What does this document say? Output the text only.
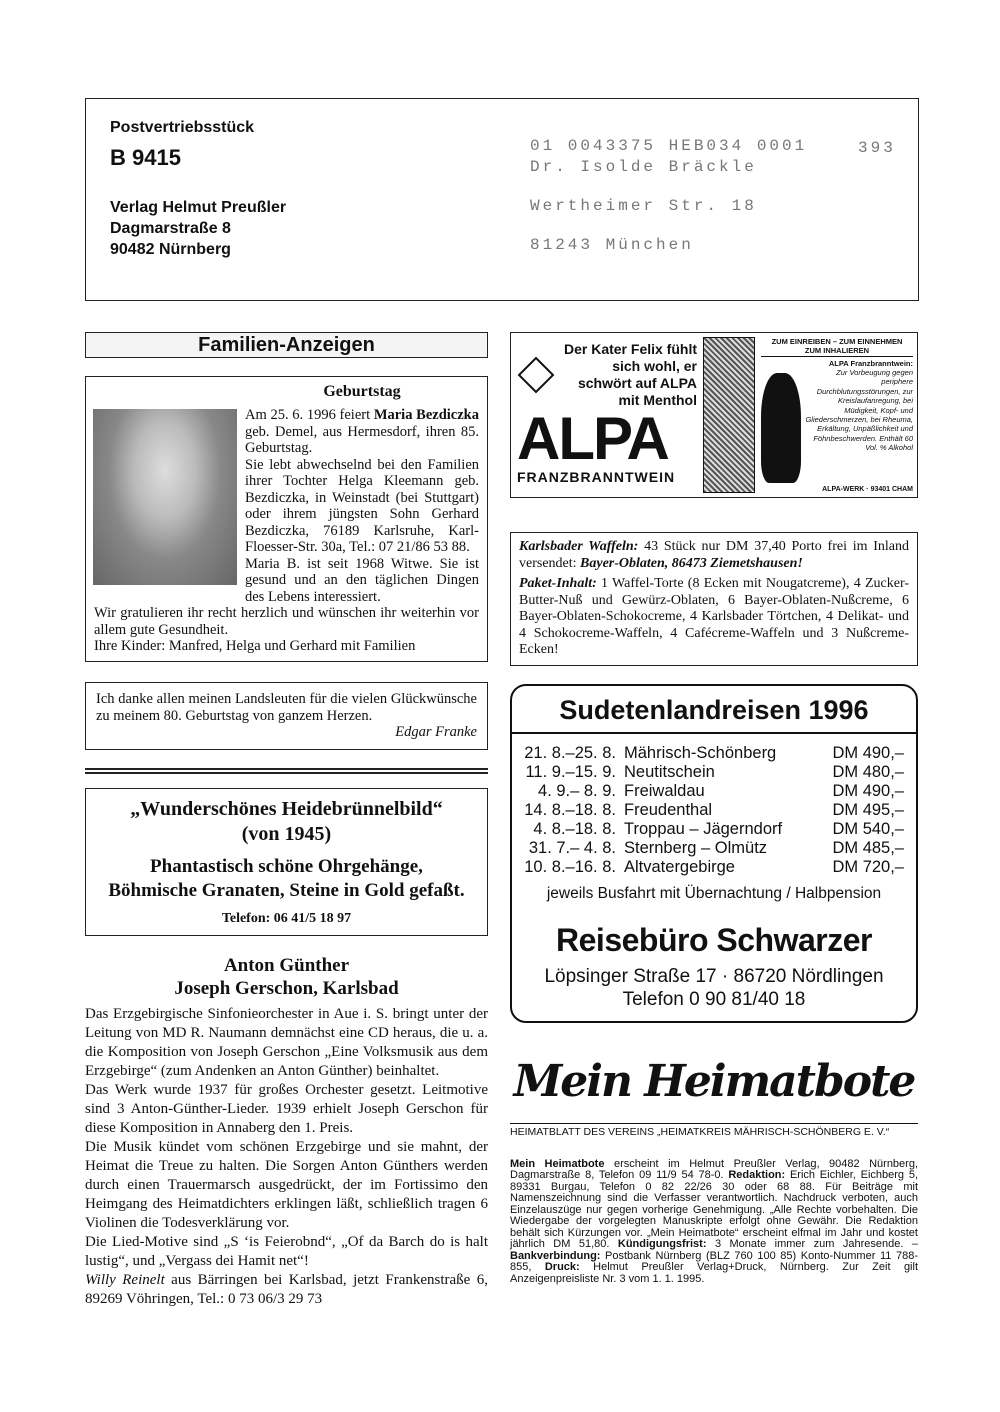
Postvertriebsstück
B 9415
Verlag Helmut Preußler
Dagmarstraße 8
90482 Nürnberg
01 0043375 HEB034 0001	393
Dr. Isolde Bräckle
Wertheimer Str. 18
81243 München
Familien-Anzeigen
Geburtstag

Am 25. 6. 1996 feiert Maria Bezdiczka geb. Demel, aus Hermesdorf, ihren 85. Geburtstag.

Sie lebt abwechselnd bei den Familien ihrer Tochter Helga Kleemann geb. Bezdiczka, in Weinstadt (bei Stuttgart) oder ihrem jüngsten Sohn Gerhard Bezdiczka, 76189 Karlsruhe, Karl-Floesser-Str. 30a, Tel.: 07 21/86 53 88.

Maria B. ist seit 1968 Witwe. Sie ist gesund und an den täglichen Dingen des Lebens interessiert.

Wir gratulieren ihr recht herzlich und wünschen ihr weiterhin vor allem gute Gesundheit.

Ihre Kinder: Manfred, Helga und Gerhard mit Familien

Ich danke allen meinen Landsleuten für die vielen Glückwünsche zu meinem 80. Geburtstag von ganzem Herzen.

Edgar Franke

„Wunderschönes Heidebrünnelbild“
(von 1945)
Phantastisch schöne Ohrgehänge,
Böhmische Granaten, Steine in Gold gefaßt.
Telefon: 06 41/5 18 97
Anton Günther
Joseph Gerschon, Karlsbad

Das Erzgebirgische Sinfonieorchester in Aue i. S. bringt unter der Leitung von MD R. Naumann demnächst eine CD heraus, die u. a. die Komposition von Joseph Gerschon „Eine Volksmusik aus dem Erzgebirge“ (zum Andenken an Anton Günther) beinhaltet.

Das Werk wurde 1937 für großes Orchester gesetzt. Leitmotive sind 3 Anton-Günther-Lieder. 1939 erhielt Joseph Gerschon für diese Komposition in Annaberg den 1. Preis.

Die Musik kündet vom schönen Erzgebirge und sie mahnt, der Heimat die Treue zu halten. Die Sorgen Anton Günthers werden durch einen Trauermarsch ausgedrückt, der im Fortissimo den Heimgang des Heimatdichters erklingen läßt, schließlich tragen 6 Violinen die Todesverklärung vor.

Die Lied-Motive sind „S ‘is Feierobnd“, „Of da Barch do is halt lustig“, und „Vergass dei Hamit net“!

Willy Reinelt aus Bärringen bei Karlsbad, jetzt Frankenstraße 6, 89269 Vöhringen, Tel.: 0 73 06/3 29 73

Der Kater Felix fühlt sich wohl, er schwört auf ALPA mit Menthol
ALPA
FRANZBRANNTWEIN
ZUM EINREIBEN – ZUM EINNEHMEN
ZUM INHALIEREN
ALPA Franzbranntwein:
Zur Vorbeugung gegen periphere Durchblutungsstörungen, zur Kreislaufanregung, bei Müdigkeit, Kopf- und Gliederschmerzen, bei Rheuma, Erkältung, Unpäßlichkeit und Föhnbeschwerden. Enthält 60 Vol. % Alkohol
ALPA-WERK · 93401 CHAM

Karlsbader Waffeln: 43 Stück nur DM 37,40 Porto frei im Inland versendet: Bayer-Oblaten, 86473 Ziemetshausen!

Paket-Inhalt: 1 Waffel-Torte (8 Ecken mit Nougatcreme), 4 Zucker-Butter-Nuß und Gewürz-Oblaten, 6 Bayer-Oblaten-Nußcreme, 6 Bayer-Oblaten-Schokocreme, 4 Karlsbader Törtchen, 4 Delikat- und 4 Schokocreme-Waffeln, 4 Cafécreme-Waffeln und 3 Nußcreme-Ecken!

Sudetenlandreisen 1996
21. 8.–25. 8. Mährisch-Schönberg	DM 490,–
11. 9.–15. 9. Neutitschein	DM 480,–
4. 9.– 8. 9. Freiwaldau	DM 490,–
14. 8.–18. 8. Freudenthal	DM 495,–
4. 8.–18. 8. Troppau – Jägerndorf	DM 540,–
31. 7.– 4. 8. Sternberg – Olmütz	DM 485,–
10. 8.–16. 8. Altvatergebirge	DM 720,–
jeweils Busfahrt mit Übernachtung / Halbpension
Reisebüro Schwarzer
Löpsinger Straße 17 · 86720 Nördlingen
Telefon 0 90 81/40 18
Mein Heimatbote
HEIMATBLATT DES VEREINS „HEIMATKREIS MÄHRISCH-SCHÖNBERG E. V.“
Mein Heimatbote erscheint im Helmut Preußler Verlag, 90482 Nürnberg, Dagmarstraße 8, Telefon 09 11/9 54 78-0. Redaktion: Erich Eichler, Eichberg 5, 89331 Burgau, Telefon 0 82 22/26 30 oder 68 88. Für Beiträge mit Namenszeichnung sind die Verfasser verantwortlich. Nachdruck verboten, auch Einzelauszüge nur gegen vorherige Genehmigung. „Alle Rechte vorbehalten. Die Wiedergabe der vorgelegten Manuskripte erfolgt ohne Gewähr. Die Redaktion behält sich Kürzungen vor. „Mein Heimatbote“ erscheint elfmal im Jahr und kostet jährlich DM 51,80. Kündigungsfrist: 3 Monate immer zum Jahresende. – Bankverbindung: Postbank Nürnberg (BLZ 760 100 85) Konto-Nummer 11 788-855, Druck: Helmut Preußler Verlag+Druck, Nürnberg. Zur Zeit gilt Anzeigenpreisliste Nr. 3 vom 1. 1. 1995.
